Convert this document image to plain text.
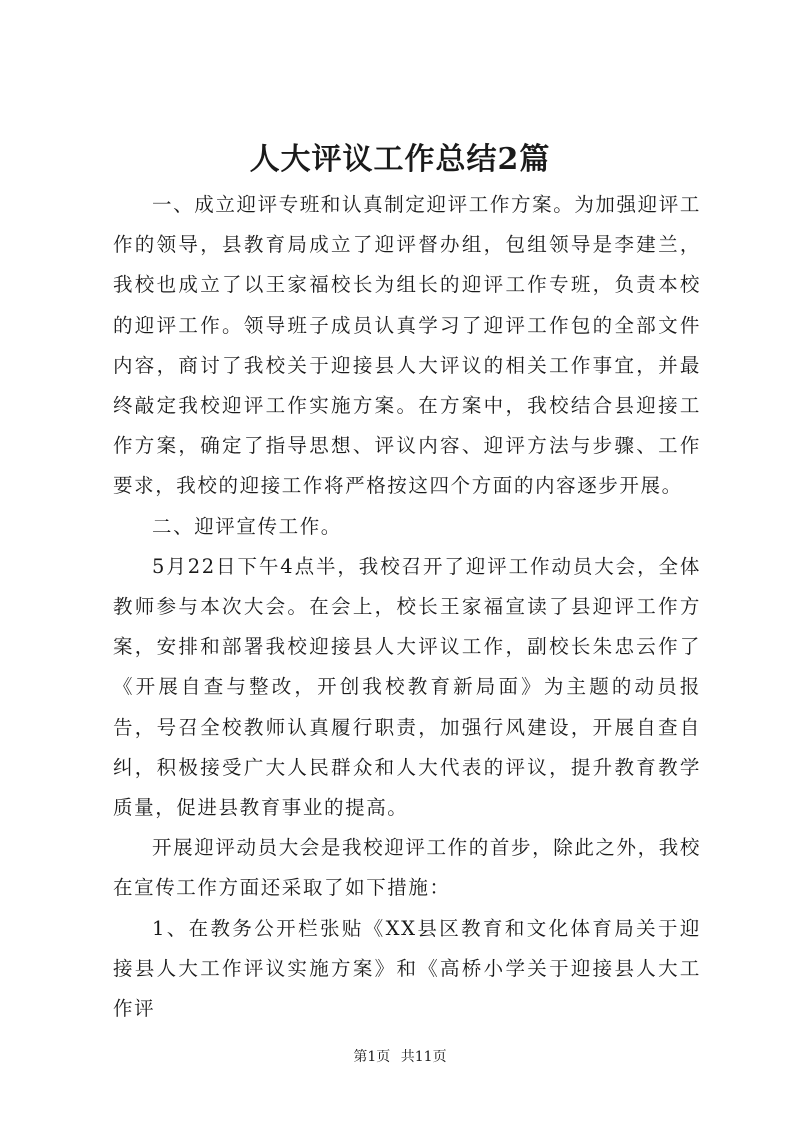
人大评议工作总结2篇

一、成立迎评专班和认真制定迎评工作方案。为加强迎评工作的领导，县教育局成立了迎评督办组，包组领导是李建兰，我校也成立了以王家福校长为组长的迎评工作专班，负责本校的迎评工作。领导班子成员认真学习了迎评工作包的全部文件内容，商讨了我校关于迎接县人大评议的相关工作事宜，并最终敲定我校迎评工作实施方案。在方案中，我校结合县迎接工作方案，确定了指导思想、评议内容、迎评方法与步骤、工作要求，我校的迎接工作将严格按这四个方面的内容逐步开展。

二、迎评宣传工作。

5月22日下午4点半，我校召开了迎评工作动员大会，全体教师参与本次大会。在会上，校长王家福宣读了县迎评工作方案，安排和部署我校迎接县人大评议工作，副校长朱忠云作了《开展自查与整改，开创我校教育新局面》为主题的动员报告，号召全校教师认真履行职责，加强行风建设，开展自查自纠，积极接受广大人民群众和人大代表的评议，提升教育教学质量，促进县教育事业的提高。

开展迎评动员大会是我校迎评工作的首步，除此之外，我校在宣传工作方面还采取了如下措施：

1、在教务公开栏张贴《XX县区教育和文化体育局关于迎接县人大工作评议实施方案》和《高桥小学关于迎接县人大工作评

第1页 共11页
